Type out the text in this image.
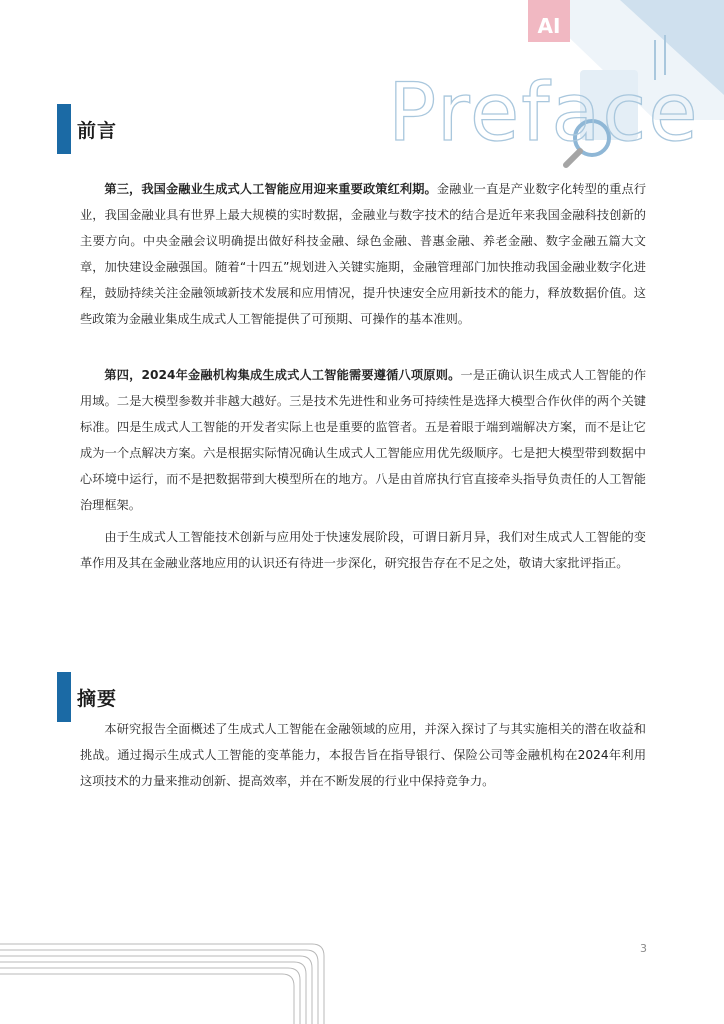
AI
Preface
前言
第三，我国金融业生成式人工智能应用迎来重要政策红利期。金融业一直是产业数字化转型的重点行业，我国金融业具有世界上最大规模的实时数据，金融业与数字技术的结合是近年来我国金融科技创新的主要方向。中央金融会议明确提出做好科技金融、绿色金融、普惠金融、养老金融、数字金融五篇大文章，加快建设金融强国。随着“十四五”规划进入关键实施期，金融管理部门加快推动我国金融业数字化进程，鼓励持续关注金融领域新技术发展和应用情况，提升快速安全应用新技术的能力，释放数据价值。这些政策为金融业集成生成式人工智能提供了可预期、可操作的基本准则。
第四，2024年金融机构集成生成式人工智能需要遵循八项原则。一是正确认识生成式人工智能的作用域。二是大模型参数并非越大越好。三是技术先进性和业务可持续性是选择大模型合作伙伴的两个关键标准。四是生成式人工智能的开发者实际上也是重要的监管者。五是着眼于端到端解决方案，而不是让它成为一个点解决方案。六是根据实际情况确认生成式人工智能应用优先级顺序。七是把大模型带到数据中心环境中运行，而不是把数据带到大模型所在的地方。八是由首席执行官直接牵头指导负责任的人工智能治理框架。
由于生成式人工智能技术创新与应用处于快速发展阶段，可谓日新月异，我们对生成式人工智能的变革作用及其在金融业落地应用的认识还有待进一步深化，研究报告存在不足之处，敬请大家批评指正。
摘要
本研究报告全面概述了生成式人工智能在金融领域的应用，并深入探讨了与其实施相关的潜在收益和挑战。通过揭示生成式人工智能的变革能力，本报告旨在指导银行、保险公司等金融机构在2024年利用这项技术的力量来推动创新、提高效率，并在不断发展的行业中保持竞争力。
3
